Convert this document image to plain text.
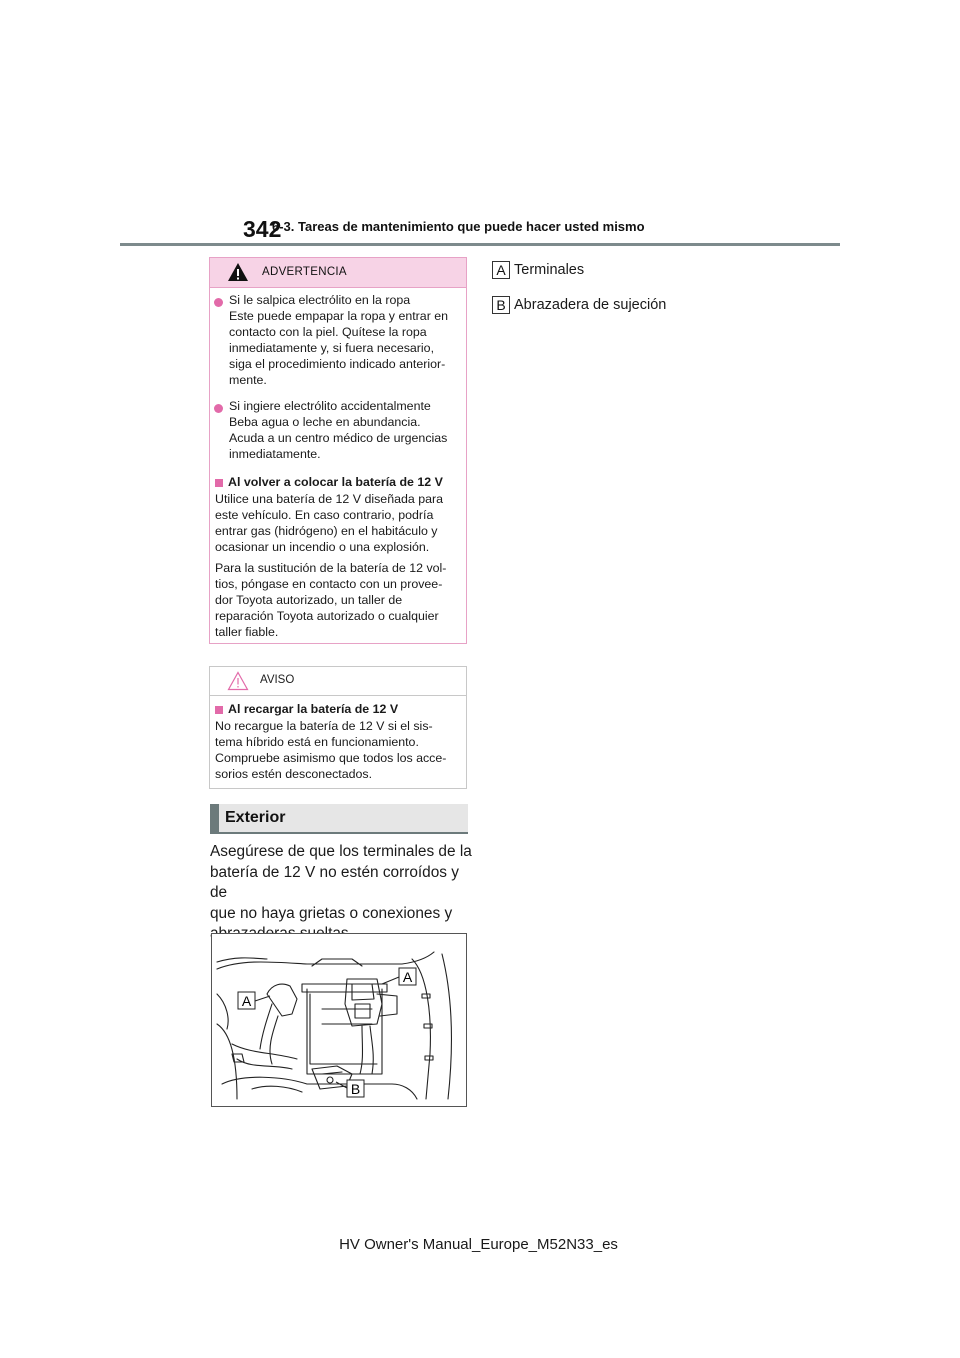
342
6-3. Tareas de mantenimiento que puede hacer usted mismo
ADVERTENCIA
Si le salpica electrólito en la ropa
Este puede empapar la ropa y entrar en
contacto con la piel. Quítese la ropa
inmediatamente y, si fuera necesario,
siga el procedimiento indicado anterior-
mente.
Si ingiere electrólito accidentalmente
Beba agua o leche en abundancia.
Acuda a un centro médico de urgencias
inmediatamente.
Al volver a colocar la batería de 12 V
Utilice una batería de 12 V diseñada para
este vehículo. En caso contrario, podría
entrar gas (hidrógeno) en el habitáculo y
ocasionar un incendio o una explosión.
Para la sustitución de la batería de 12 vol-
tios, póngase en contacto con un provee-
dor Toyota autorizado, un taller de
reparación Toyota autorizado o cualquier
taller fiable.
AVISO
Al recargar la batería de 12 V
No recargue la batería de 12 V si el sis-
tema híbrido está en funcionamiento.
Compruebe asimismo que todos los acce-
sorios estén desconectados.
Exterior
Asegúrese de que los terminales de la
batería de 12 V no estén corroídos y de
que no haya grietas o conexiones y
A
A
B
A Terminales
B Abrazadera de sujeción
HV Owner's Manual_Europe_M52N33_es
